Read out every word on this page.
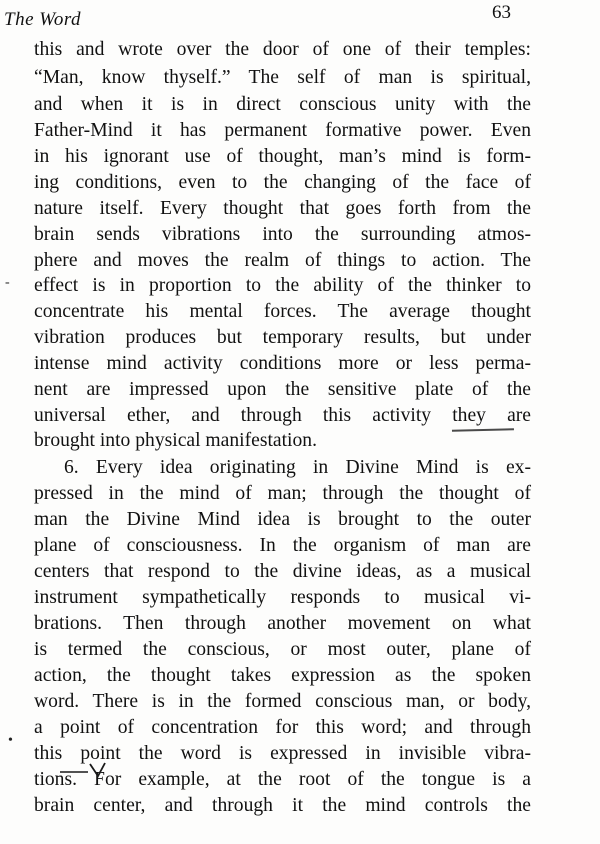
The Word	63
this and wrote over the door of one of their temples:
“Man, know thyself.” The self of man is spiritual,
and when it is in direct conscious unity with the
Father-Mind it has permanent formative power. Even
in his ignorant use of thought, man’s mind is form-
ing conditions, even to the changing of the face of
nature itself. Every thought that goes forth from the
brain sends vibrations into the surrounding atmos-
phere and moves the realm of things to action. The
effect is in proportion to the ability of the thinker to
concentrate his mental forces. The average thought
vibration produces but temporary results, but under
intense mind activity conditions more or less perma-
nent are impressed upon the sensitive plate of the
universal ether, and through this activity they are
brought into physical manifestation.
6. Every idea originating in Divine Mind is ex-
pressed in the mind of man; through the thought of
man the Divine Mind idea is brought to the outer
plane of consciousness. In the organism of man are
centers that respond to the divine ideas, as a musical
instrument sympathetically responds to musical vi-
brations. Then through another movement on what
is termed the conscious, or most outer, plane of
action, the thought takes expression as the spoken
word. There is in the formed conscious man, or body,
a point of concentration for this word; and through
this point the word is expressed in invisible vibra-
tions. For example, at the root of the tongue is a
brain center, and through it the mind controls the
-
•
